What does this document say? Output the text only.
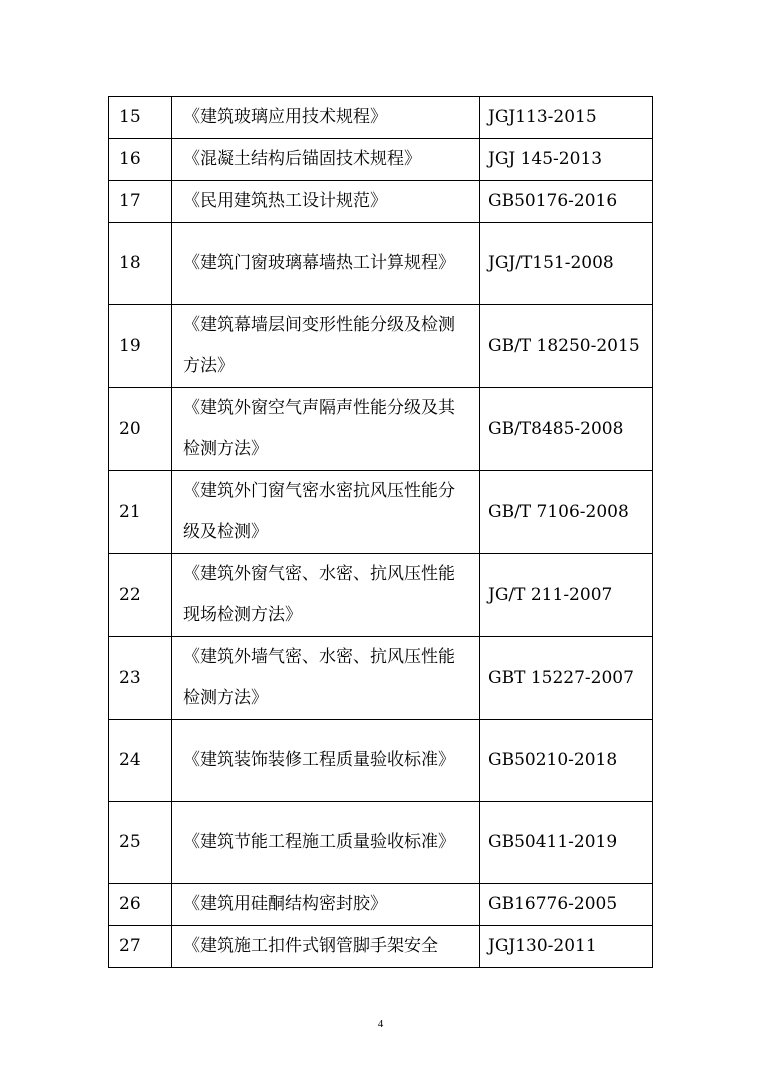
15	《建筑玻璃应用技术规程》	JGJ113-2015
16	《混凝土结构后锚固技术规程》	JGJ 145-2013
17	《民用建筑热工设计规范》	GB50176-2016
18	《建筑门窗玻璃幕墙热工计算规程》	JGJ/T151-2008
19	《建筑幕墙层间变形性能分级及检测 方法》	GB/T 18250-2015
20	《建筑外窗空气声隔声性能分级及其 检测方法》	GB/T8485-2008
21	《建筑外门窗气密水密抗风压性能分 级及检测》	GB/T 7106-2008
22	《建筑外窗气密、水密、抗风压性能 现场检测方法》	JG/T 211-2007
23	《建筑外墙气密、水密、抗风压性能 检测方法》	GBT 15227-2007
24	《建筑装饰装修工程质量验收标准》	GB50210-2018
25	《建筑节能工程施工质量验收标准》	GB50411-2019
26	《建筑用硅酮结构密封胶》	GB16776-2005
27	《建筑施工扣件式钢管脚手架安全	JGJ130-2011
4
